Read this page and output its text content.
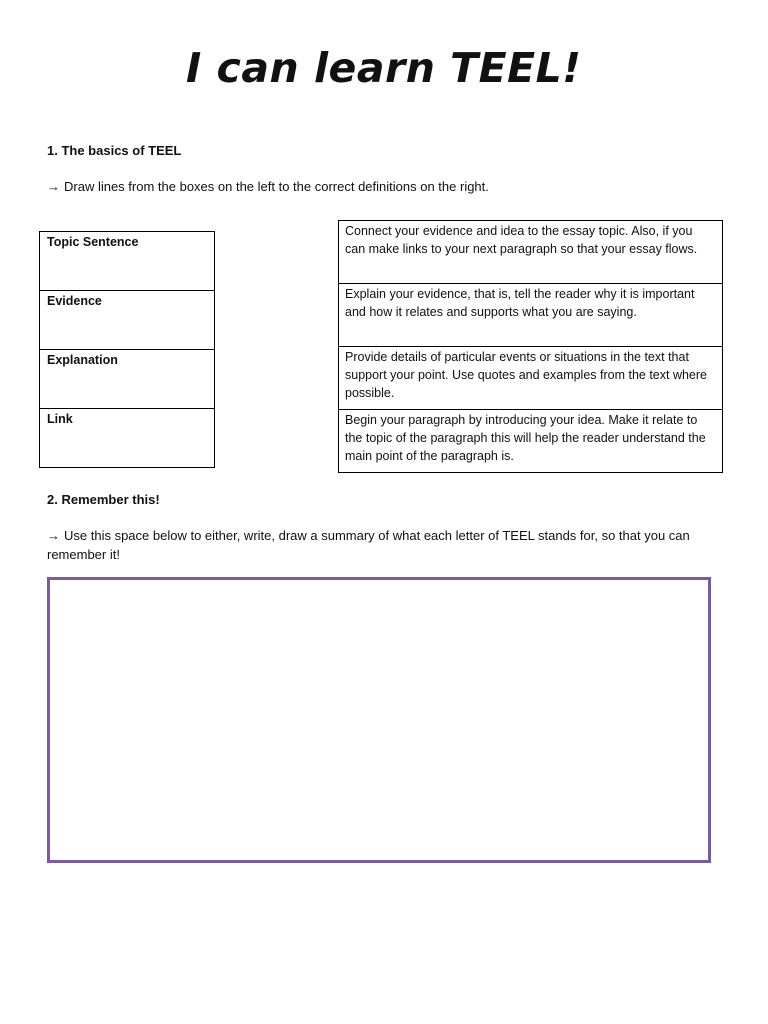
I can learn TEEL!
1. The basics of TEEL
→ Draw lines from the boxes on the left to the correct definitions on the right.
Topic Sentence
Evidence
Explanation
Link
Connect your evidence and idea to the essay topic. Also, if you can make links to your next paragraph so that your essay flows.
Explain your evidence, that is, tell the reader why it is important and how it relates and supports what you are saying.
Provide details of particular events or situations in the text that support your point. Use quotes and examples from the text where possible.
Begin your paragraph by introducing your idea. Make it relate to the topic of the paragraph this will help the reader understand the main point of the paragraph is.
2. Remember this!
→ Use this space below to either, write, draw a summary of what each letter of TEEL stands for, so that you can remember it!
